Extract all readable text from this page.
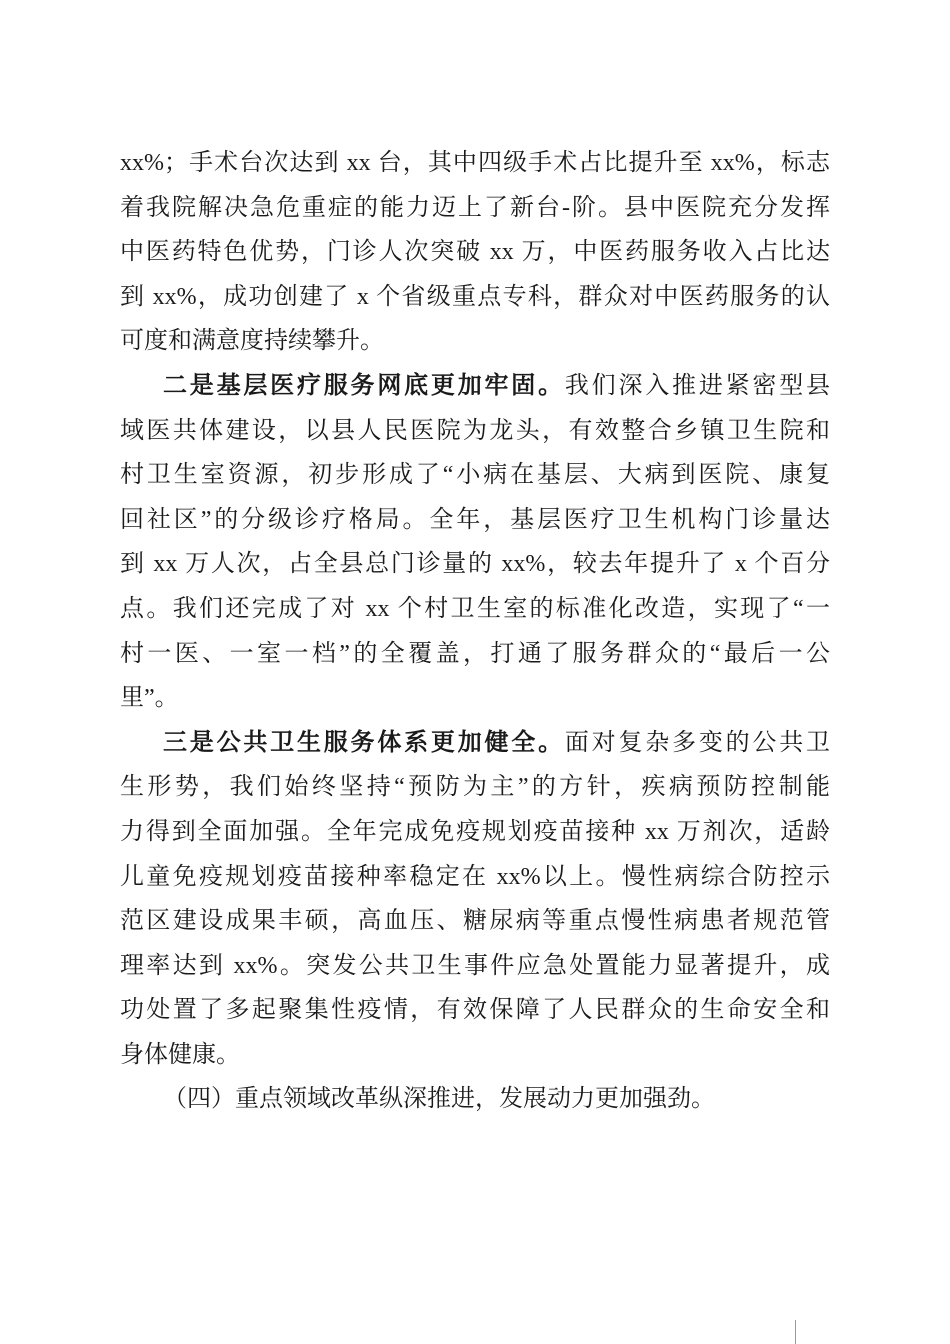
xx%；手术台次达到 xx 台，其中四级手术占比提升至 xx%，标志
着我院解决急危重症的能力迈上了新台-阶。县中医院充分发挥
中医药特色优势，门诊人次突破 xx 万，中医药服务收入占比达
到 xx%，成功创建了 x 个省级重点专科，群众对中医药服务的认
可度和满意度持续攀升。
二是基层医疗服务网底更加牢固。我们深入推进紧密型县
域医共体建设，以县人民医院为龙头，有效整合乡镇卫生院和
村卫生室资源，初步形成了“小病在基层、大病到医院、康复
回社区”的分级诊疗格局。全年，基层医疗卫生机构门诊量达
到 xx 万人次，占全县总门诊量的 xx%，较去年提升了 x 个百分
点。我们还完成了对 xx 个村卫生室的标准化改造，实现了“一
村一医、一室一档”的全覆盖，打通了服务群众的“最后一公
里”。
三是公共卫生服务体系更加健全。面对复杂多变的公共卫
生形势，我们始终坚持“预防为主”的方针，疾病预防控制能
力得到全面加强。全年完成免疫规划疫苗接种 xx 万剂次，适龄
儿童免疫规划疫苗接种率稳定在 xx%以上。慢性病综合防控示
范区建设成果丰硕，高血压、糖尿病等重点慢性病患者规范管
理率达到 xx%。突发公共卫生事件应急处置能力显著提升，成
功处置了多起聚集性疫情，有效保障了人民群众的生命安全和
身体健康。
（四）重点领域改革纵深推进，发展动力更加强劲。
